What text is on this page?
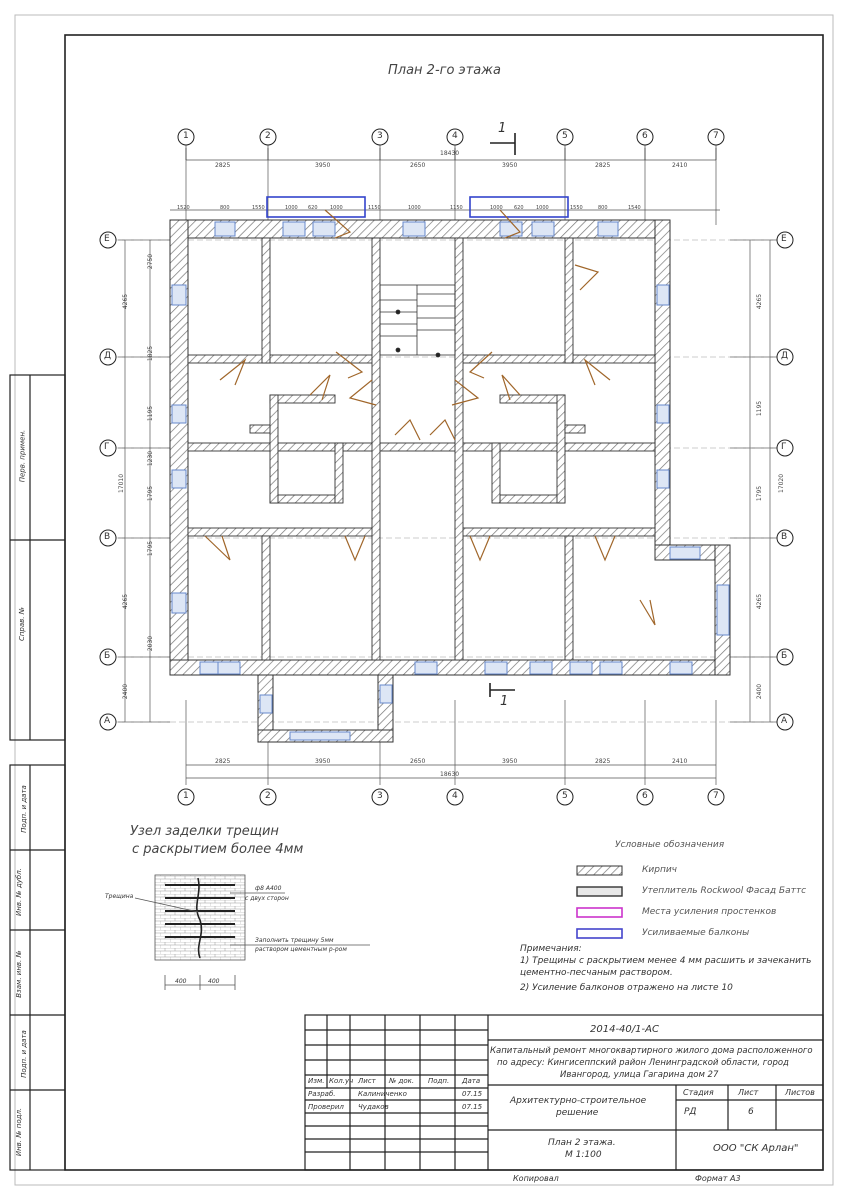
План 2-го этажа
1
1
1	2	3	4	5	6	7
1	2	3	4	5	6	7
Е
Д
Г
В
Б
А
Е
Д
Г
В
Б
А
2825	3950	2650	3950	2825	2410
18430
1520	800	1550	1000 620 1000	1150	1000	1150	1000 620 1000	1550	800	1540
2825	3950	2650	3950	2825	2410
18630
2750
4265
1825
1195
1230
1795
1795
4265
2030
2400
17010
4265
1195
1795
4265
2400
17020
Узел заделки трещин
с раскрытием более 4мм
Трещина
ф8 А400
с двух сторон
Заполнить трещину 5мм
раствором цементным р-ром
400	400
Условные обозначения
Кирпич
Утеплитель Rockwool Фасад Баттс
Места усиления простенков
Усиливаемые балконы
Примечания:
1) Трещины с раскрытием менее 4 мм расшить и зачеканить
цементно-песчаным раствором.
2) Усиление балконов отражено на листе 10
Перв. примен.
Справ. №
Подп. и дата
Инв. № дубл.
Взам. инв. №
Подп. и дата
Инв. № подл.
2014-40/1-АС
Капитальный ремонт многоквартирного жилого дома расположенного
по адресу: Кингисеппский район Ленинградской области, город
Ивангород, улица Гагарина дом 27
Изм. Кол.уч Лист № док. Подп. Дата
Разраб.	Калиниченко	07.15
Проверил Чудаков	07.15
Архитектурно-строительное
решение
Стадия	Лист	Листов
РД	6
План 2 этажа.
М 1:100
ООО "СК Арлан"
Копировал	Формат А3
